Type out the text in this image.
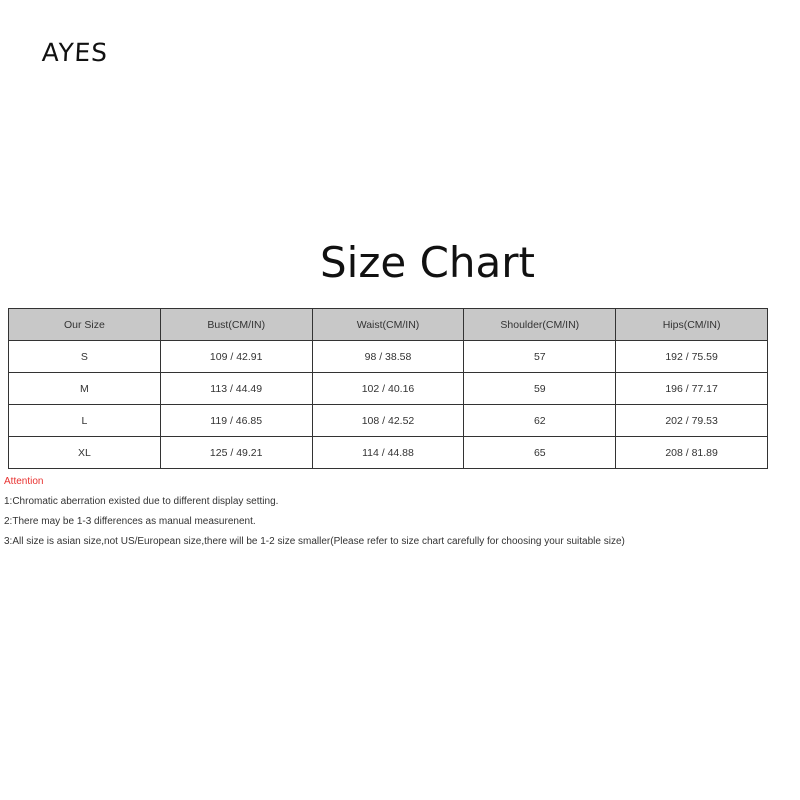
AYES
Size Chart
Our Size	Bust(CM/IN)	Waist(CM/IN)	Shoulder(CM/IN)	Hips(CM/IN)
S	109 / 42.91	98 / 38.58	57	192 / 75.59
M	113 / 44.49	102 / 40.16	59	196 / 77.17
L	119 / 46.85	108 / 42.52	62	202 / 79.53
XL	125 / 49.21	114 / 44.88	65	208 / 81.89
Attention
1:Chromatic aberration existed due to different display setting.
2:There may be 1-3 differences as manual measurenent.
3:All size is asian size,not US/European size,there will be 1-2 size smaller(Please refer to size chart carefully for choosing your suitable size)
